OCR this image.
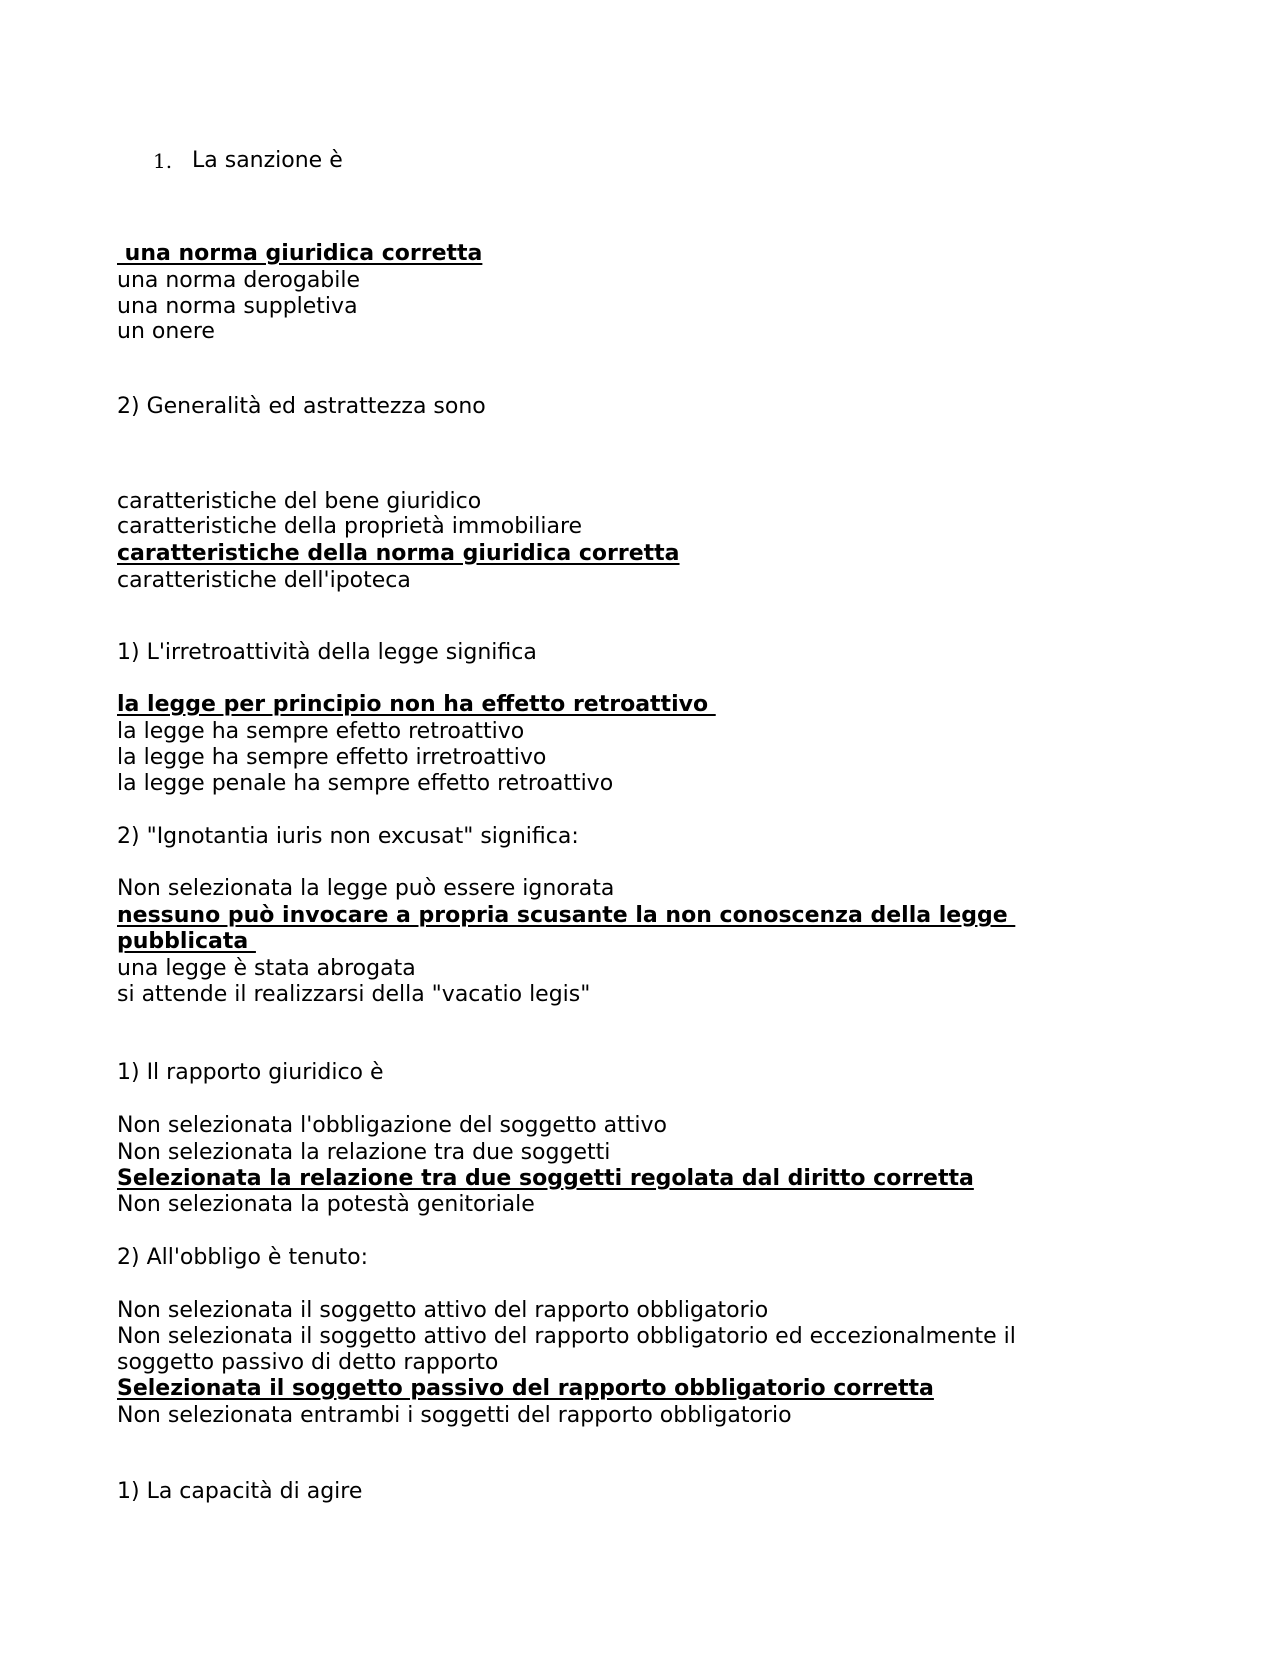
1. La sanzione è

una norma giuridica corretta

una norma derogabile

una norma suppletiva

un onere

2) Generalità ed astrattezza sono

caratteristiche del bene giuridico

caratteristiche della proprietà immobiliare

caratteristiche della norma giuridica corretta

caratteristiche dell'ipoteca

1) L'irretroattività della legge significa

la legge per principio non ha effetto retroattivo

la legge ha sempre efetto retroattivo

la legge ha sempre effetto irretroattivo

la legge penale ha sempre effetto retroattivo

2) "Ignotantia iuris non excusat" significa:

Non selezionata la legge può essere ignorata

nessuno può invocare a propria scusante la non conoscenza della legge

pubblicata

una legge è stata abrogata

si attende il realizzarsi della "vacatio legis"

1) Il rapporto giuridico è

Non selezionata l'obbligazione del soggetto attivo

Non selezionata la relazione tra due soggetti

Selezionata la relazione tra due soggetti regolata dal diritto corretta

Non selezionata la potestà genitoriale

2) All'obbligo è tenuto:

Non selezionata il soggetto attivo del rapporto obbligatorio

Non selezionata il soggetto attivo del rapporto obbligatorio ed eccezionalmente il

soggetto passivo di detto rapporto

Selezionata il soggetto passivo del rapporto obbligatorio corretta

Non selezionata entrambi i soggetti del rapporto obbligatorio

1) La capacità di agire
